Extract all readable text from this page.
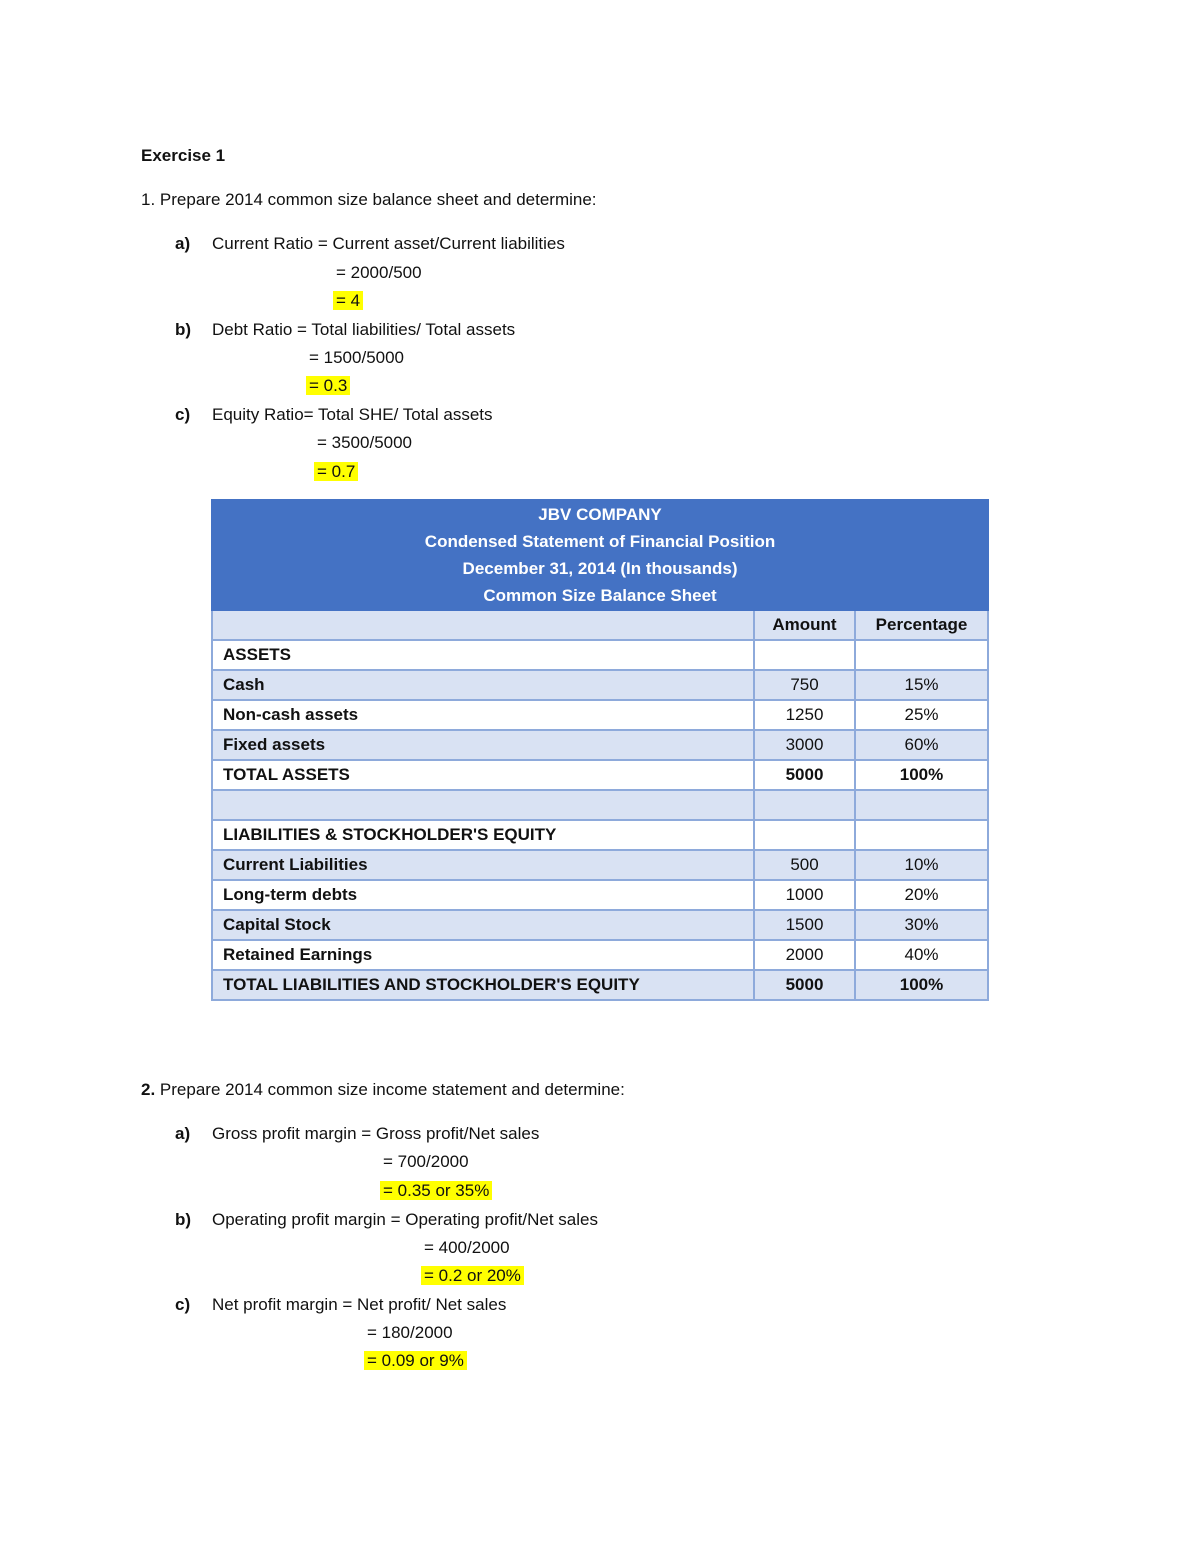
Exercise 1
1. Prepare 2014 common size balance sheet and determine:
a) Current Ratio = Current asset/Current liabilities
= 2000/500
= 4
b) Debt Ratio = Total liabilities/ Total assets
= 1500/5000
= 0.3
c) Equity Ratio= Total SHE/ Total assets
= 3500/5000
= 0.7
JBV COMPANY
Condensed Statement of Financial Position
December 31, 2014 (In thousands)
Common Size Balance Sheet		

	Amount	Percentage
ASSETS		
Cash	750	15%
Non-cash assets	1250	25%
Fixed assets	3000	60%
TOTAL ASSETS	5000	100%

LIABILITIES & STOCKHOLDER'S EQUITY		
Current Liabilities	500	10%
Long-term debts	1000	20%
Capital Stock	1500	30%
Retained Earnings	2000	40%
TOTAL LIABILITIES AND STOCKHOLDER'S EQUITY	5000	100%
2. Prepare 2014 common size income statement and determine:
a) Gross profit margin = Gross profit/Net sales
= 700/2000
= 0.35 or 35%
b) Operating profit margin = Operating profit/Net sales
= 400/2000
= 0.2 or 20%
c) Net profit margin = Net profit/ Net sales
= 180/2000
= 0.09 or 9%
